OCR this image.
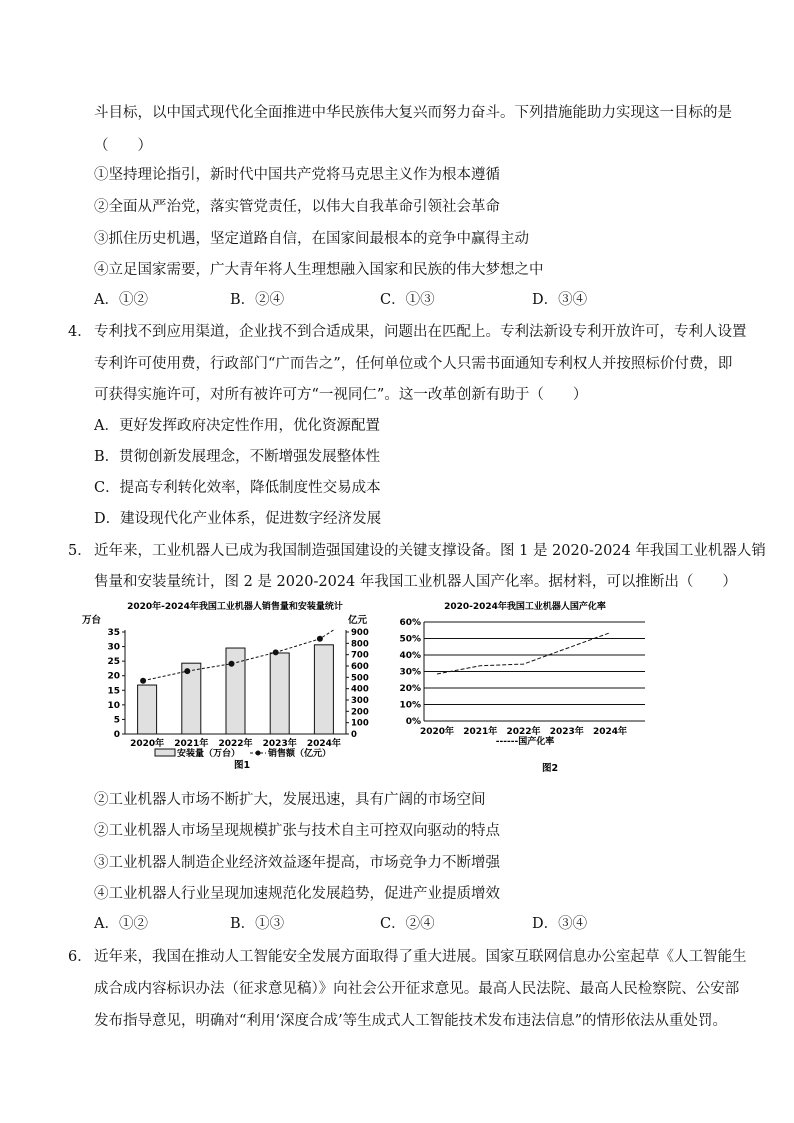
斗目标，以中国式现代化全面推进中华民族伟大复兴而努力奋斗。下列措施能助力实现这一目标的是
（　　）
①坚持理论指引，新时代中国共产党将马克思主义作为根本遵循
②全面从严治党，落实管党责任，以伟大自我革命引领社会革命
③抓住历史机遇，坚定道路自信，在国家间最根本的竞争中赢得主动
④立足国家需要，广大青年将人生理想融入国家和民族的伟大梦想之中
A．①②	B．②④	C．①③	D．③④
4． 专利找不到应用渠道，企业找不到合适成果，问题出在匹配上。专利法新设专利开放许可，专利人设置
专利许可使用费，行政部门“广而告之”，任何单位或个人只需书面通知专利权人并按照标价付费，即
可获得实施许可，对所有被许可方“一视同仁”。这一改革创新有助于（　　）
A．更好发挥政府决定性作用，优化资源配置
B．贯彻创新发展理念，不断增强发展整体性
C．提高专利转化效率，降低制度性交易成本
D．建设现代化产业体系，促进数字经济发展
5． 近年来，工业机器人已成为我国制造强国建设的关键支撑设备。图 1 是 2020-2024 年我国工业机器人销
售量和安装量统计，图 2 是 2020-2024 年我国工业机器人国产化率。据材料，可以推断出（　　）
2020年-2024年我国工业机器人销售量和安装量统计
万台	亿元
0
5
10
15
20
25
30
35
0
100
200
300
400
500
600
700
800
900
2020年 2021年 2022年 2023年 2024年
安装量（万台）	销售额（亿元）
图1
2020-2024年我国工业机器人国产化率
0%
10%
20%
30%
40%
50%
60%
2020年 2021年 2022年 2023年 2024年
------国产化率
图2
②工业机器人市场不断扩大，发展迅速，具有广阔的市场空间
②工业机器人市场呈现规模扩张与技术自主可控双向驱动的特点
③工业机器人制造企业经济效益逐年提高，市场竞争力不断增强
④工业机器人行业呈现加速规范化发展趋势，促进产业提质增效
A．①②	B．①③	C．②④	D．③④
6． 近年来，我国在推动人工智能安全发展方面取得了重大进展。国家互联网信息办公室起草《人工智能生
成合成内容标识办法（征求意见稿）》向社会公开征求意见。最高人民法院、最高人民检察院、公安部
发布指导意见，明确对“利用‘深度合成’等生成式人工智能技术发布违法信息”的情形依法从重处罚。
